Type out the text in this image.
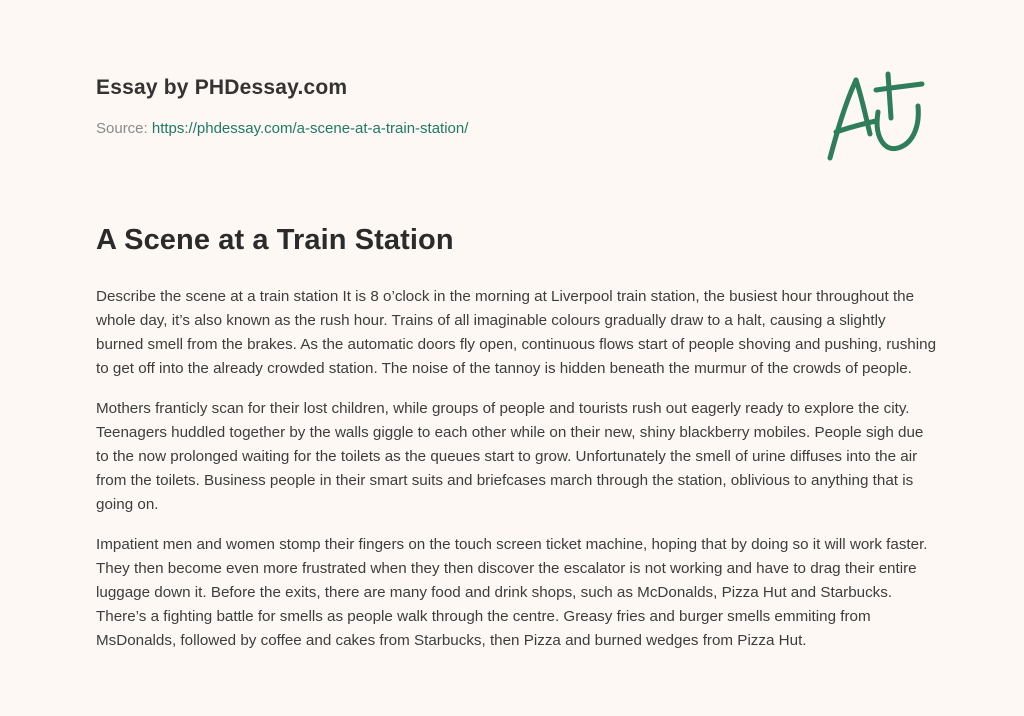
Essay by PHDessay.com
Source: https://phdessay.com/a-scene-at-a-train-station/
A Scene at a Train Station

Describe the scene at a train station It is 8 o’clock in the morning at Liverpool train station, the busiest hour throughout the whole day, it’s also known as the rush hour. Trains of all imaginable colours gradually draw to a halt, causing a slightly burned smell from the brakes. As the automatic doors fly open, continuous flows start of people shoving and pushing, rushing to get off into the already crowded station. The noise of the tannoy is hidden beneath the murmur of the crowds of people.

Mothers franticly scan for their lost children, while groups of people and tourists rush out eagerly ready to explore the city. Teenagers huddled together by the walls giggle to each other while on their new, shiny blackberry mobiles. People sigh due to the now prolonged waiting for the toilets as the queues start to grow. Unfortunately the smell of urine diffuses into the air from the toilets. Business people in their smart suits and briefcases march through the station, oblivious to anything that is going on.

Impatient men and women stomp their fingers on the touch screen ticket machine, hoping that by doing so it will work faster. They then become even more frustrated when they then discover the escalator is not working and have to drag their entire luggage down it. Before the exits, there are many food and drink shops, such as McDonalds, Pizza Hut and Starbucks. There’s a fighting battle for smells as people walk through the centre. Greasy fries and burger smells emmiting from MsDonalds, followed by coffee and cakes from Starbucks, then Pizza and burned wedges from Pizza Hut.
